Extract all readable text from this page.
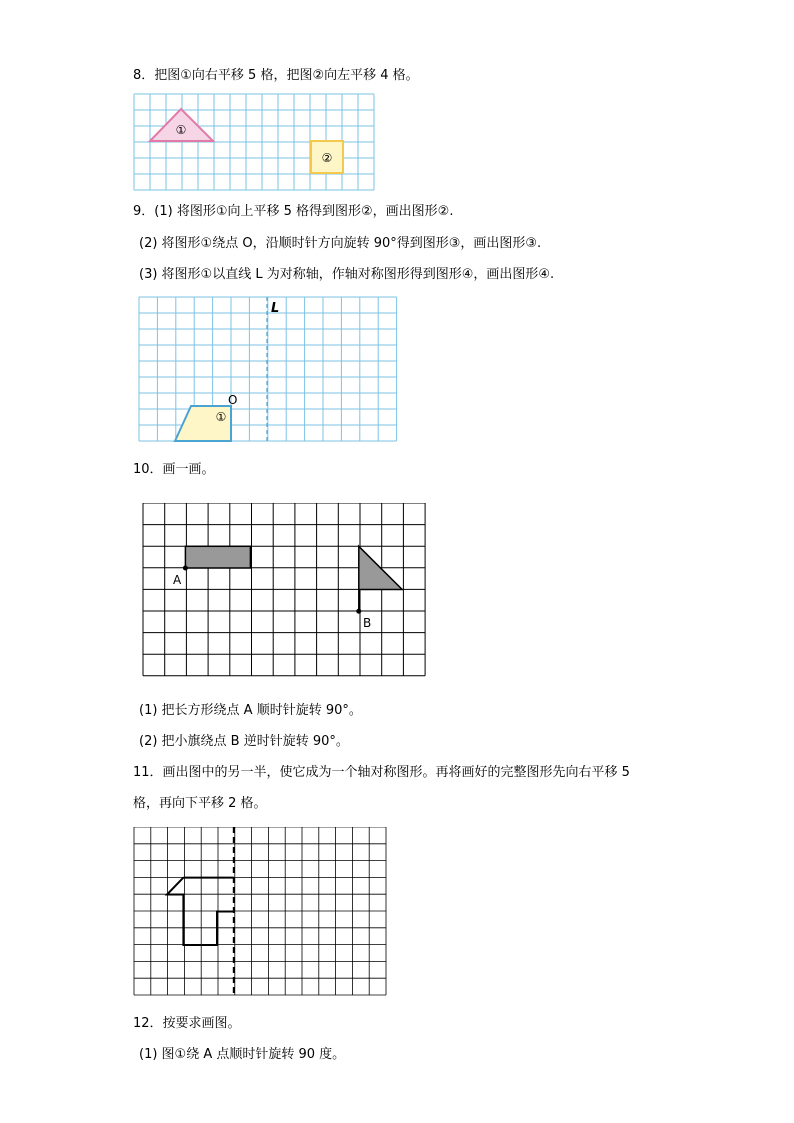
8．把图①向右平移 5 格，把图②向左平移 4 格。
①
②
9．(1) 将图形①向上平移 5 格得到图形②，画出图形②.
(2) 将图形①绕点 O，沿顺时针方向旋转 90°得到图形③，画出图形③.
(3) 将图形①以直线 L 为对称轴，作轴对称图形得到图形④，画出图形④.
L
O
①
10．画一画。
A
B
(1) 把长方形绕点 A 顺时针旋转 90°。
(2) 把小旗绕点 B 逆时针旋转 90°。
11．画出图中的另一半，使它成为一个轴对称图形。再将画好的完整图形先向右平移 5
格，再向下平移 2 格。
12．按要求画图。
(1) 图①绕 A 点顺时针旋转 90 度。
